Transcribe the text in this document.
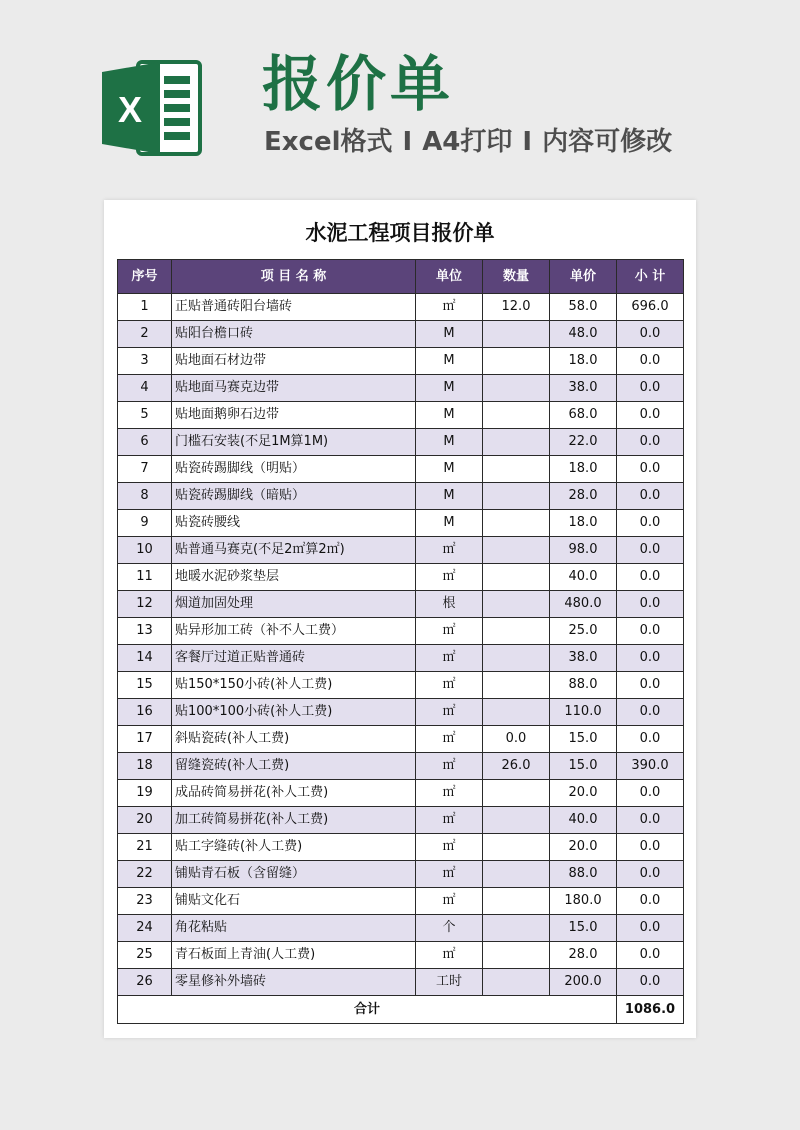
X 报价单
Excel格式 I A4打印 I 内容可修改
水泥工程项目报价单
序号	项 目 名 称	单位	数量	单价	小 计
1	正贴普通砖阳台墙砖	㎡	12.0	58.0	696.0
2	贴阳台檐口砖	M		48.0	0.0
3	贴地面石材边带	M		18.0	0.0
4	贴地面马赛克边带	M		38.0	0.0
5	贴地面鹅卵石边带	M		68.0	0.0
6	门槛石安装(不足1M算1M)	M		22.0	0.0
7	贴瓷砖踢脚线（明贴）	M		18.0	0.0
8	贴瓷砖踢脚线（暗贴）	M		28.0	0.0
9	贴瓷砖腰线	M		18.0	0.0
10	贴普通马赛克(不足2㎡算2㎡)	㎡		98.0	0.0
11	地暖水泥砂浆垫层	㎡		40.0	0.0
12	烟道加固处理	根		480.0	0.0
13	贴异形加工砖（补不人工费）	㎡		25.0	0.0
14	客餐厅过道正贴普通砖	㎡		38.0	0.0
15	贴150*150小砖(补人工费)	㎡		88.0	0.0
16	贴100*100小砖(补人工费)	㎡		110.0	0.0
17	斜贴瓷砖(补人工费)	㎡	0.0	15.0	0.0
18	留缝瓷砖(补人工费)	㎡	26.0	15.0	390.0
19	成品砖简易拼花(补人工费)	㎡		20.0	0.0
20	加工砖简易拼花(补人工费)	㎡		40.0	0.0
21	贴工字缝砖(补人工费)	㎡		20.0	0.0
22	铺贴青石板（含留缝）	㎡		88.0	0.0
23	铺贴文化石	㎡		180.0	0.0
24	角花粘贴	个		15.0	0.0
25	青石板面上青油(人工费)	㎡		28.0	0.0
26	零星修补外墙砖	工时		200.0	0.0
合计					1086.0
